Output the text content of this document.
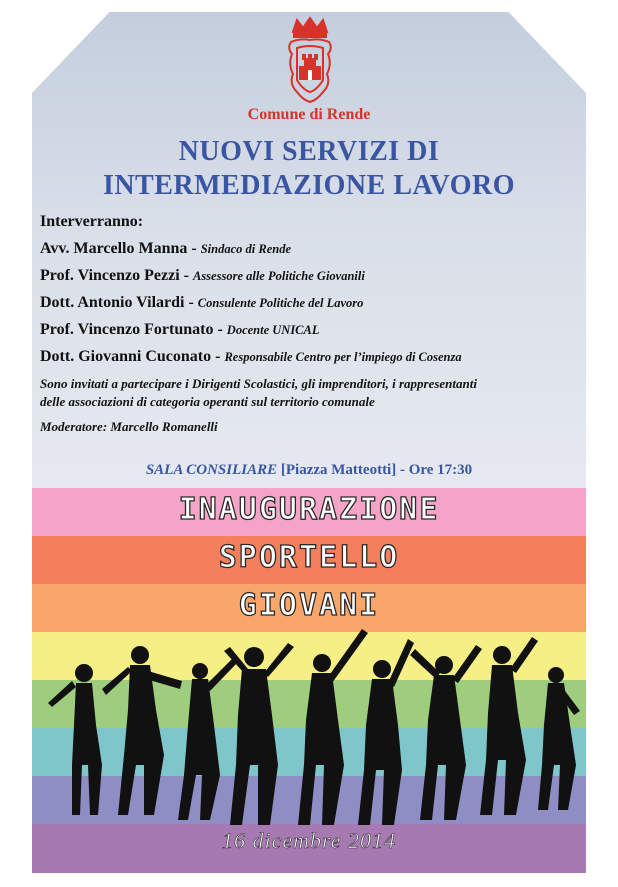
Comune di Rende
NUOVI SERVIZI DI
INTERMEDIAZIONE LAVORO
Interverranno:
Avv. Marcello Manna - Sindaco di Rende
Prof. Vincenzo Pezzi - Assessore alle Politiche Giovanili
Dott. Antonio Vilardi - Consulente Politiche del Lavoro
Prof. Vincenzo Fortunato - Docente UNICAL
Dott. Giovanni Cuconato - Responsabile Centro per l’impiego di Cosenza
Sono invitati a partecipare i Dirigenti Scolastici, gli imprenditori, i rappresentanti
delle associazioni di categoria operanti sul territorio comunale
Moderatore: Marcello Romanelli
SALA CONSILIARE [Piazza Matteotti] - Ore 17:30
INAUGURAZIONE
SPORTELLO
GIOVANI
16 dicembre 2014
